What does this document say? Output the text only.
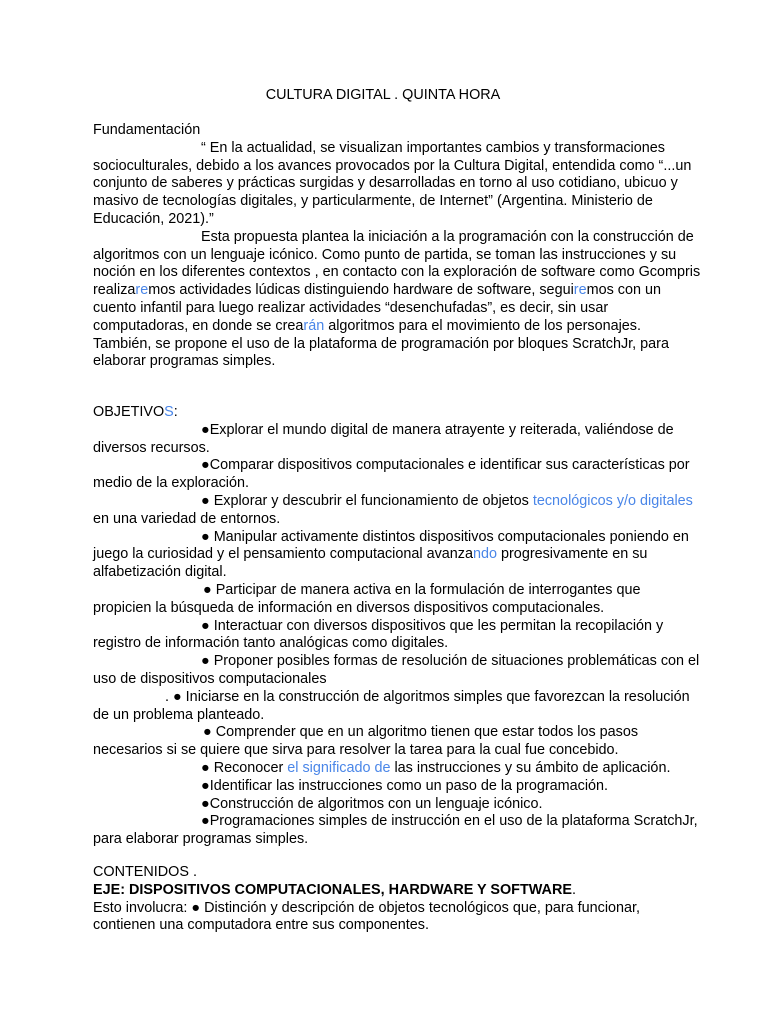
CULTURA DIGITAL . QUINTA HORA

Fundamentación
“ En la actualidad, se visualizan importantes cambios y transformaciones socioculturales, debido a los avances provocados por la Cultura Digital, entendida como “...un conjunto de saberes y prácticas surgidas y desarrolladas en torno al uso cotidiano, ubicuo y masivo de tecnologías digitales, y particularmente, de Internet” (Argentina. Ministerio de Educación, 2021).”
Esta propuesta plantea la iniciación a la programación con la construcción de algoritmos con un lenguaje icónico. Como punto de partida, se toman las instrucciones y su noción en los diferentes contextos , en contacto con la exploración de software como Gcompris realizaremos actividades lúdicas distinguiendo hardware de software, seguiremos con un cuento infantil para luego realizar actividades “desenchufadas”, es decir, sin usar computadoras, en donde se crearán algoritmos para el movimiento de los personajes. También, se propone el uso de la plataforma de programación por bloques ScratchJr, para elaborar programas simples.

OBJETIVOS:
●Explorar el mundo digital de manera atrayente y reiterada, valiéndose de diversos recursos.
●Comparar dispositivos computacionales e identificar sus características por medio de la exploración.
● Explorar y descubrir el funcionamiento de objetos tecnológicos y/o digitales en una variedad de entornos.
● Manipular activamente distintos dispositivos computacionales poniendo en juego la curiosidad y el pensamiento computacional avanzando progresivamente en su alfabetización digital.
● Participar de manera activa en la formulación de interrogantes que propicien la búsqueda de información en diversos dispositivos computacionales.
● Interactuar con diversos dispositivos que les permitan la recopilación y registro de información tanto analógicas como digitales.
● Proponer posibles formas de resolución de situaciones problemáticas con el uso de dispositivos computacionales
. ● Iniciarse en la construcción de algoritmos simples que favorezcan la resolución de un problema planteado.
● Comprender que en un algoritmo tienen que estar todos los pasos necesarios si se quiere que sirva para resolver la tarea para la cual fue concebido.
● Reconocer el significado de las instrucciones y su ámbito de aplicación.
●Identificar las instrucciones como un paso de la programación.
●Construcción de algoritmos con un lenguaje icónico.
●Programaciones simples de instrucción en el uso de la plataforma ScratchJr, para elaborar programas simples.

CONTENIDOS .
EJE: DISPOSITIVOS COMPUTACIONALES, HARDWARE Y SOFTWARE.
Esto involucra: ● Distinción y descripción de objetos tecnológicos que, para funcionar, contienen una computadora entre sus componentes.
